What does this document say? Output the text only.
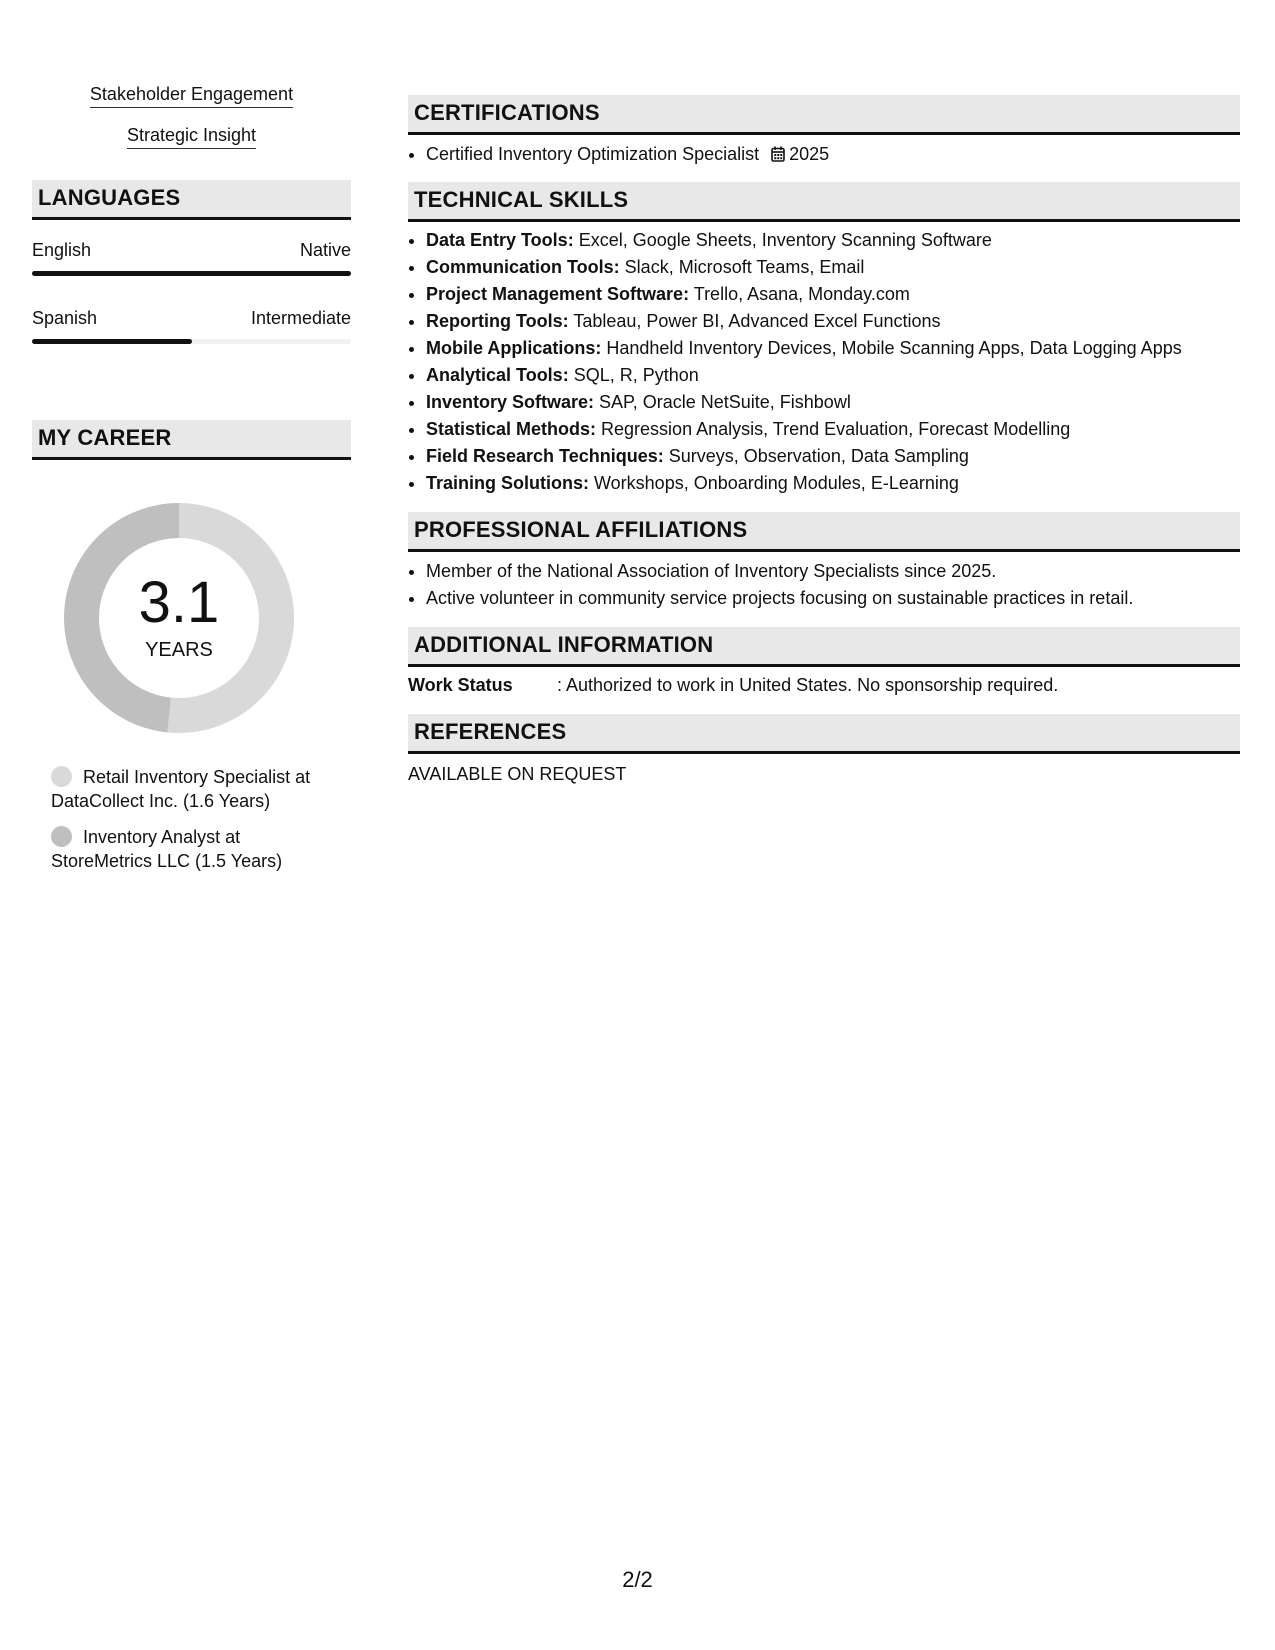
Stakeholder Engagement
Strategic Insight
LANGUAGES
English	Native
Spanish	Intermediate
MY CAREER
3.1
YEARS
Retail Inventory Specialist at DataCollect Inc. (1.6 Years)
Inventory Analyst at StoreMetrics LLC (1.5 Years)
CERTIFICATIONS
• Certified Inventory Optimization Specialist 2025
TECHNICAL SKILLS
• Data Entry Tools: Excel, Google Sheets, Inventory Scanning Software
• Communication Tools: Slack, Microsoft Teams, Email
• Project Management Software: Trello, Asana, Monday.com
• Reporting Tools: Tableau, Power BI, Advanced Excel Functions
• Mobile Applications: Handheld Inventory Devices, Mobile Scanning Apps, Data Logging Apps
• Analytical Tools: SQL, R, Python
• Inventory Software: SAP, Oracle NetSuite, Fishbowl
• Statistical Methods: Regression Analysis, Trend Evaluation, Forecast Modelling
• Field Research Techniques: Surveys, Observation, Data Sampling
• Training Solutions: Workshops, Onboarding Modules, E-Learning
PROFESSIONAL AFFILIATIONS
• Member of the National Association of Inventory Specialists since 2025.
• Active volunteer in community service projects focusing on sustainable practices in retail.
ADDITIONAL INFORMATION
Work Status	: Authorized to work in United States. No sponsorship required.
REFERENCES
AVAILABLE ON REQUEST
2/2
